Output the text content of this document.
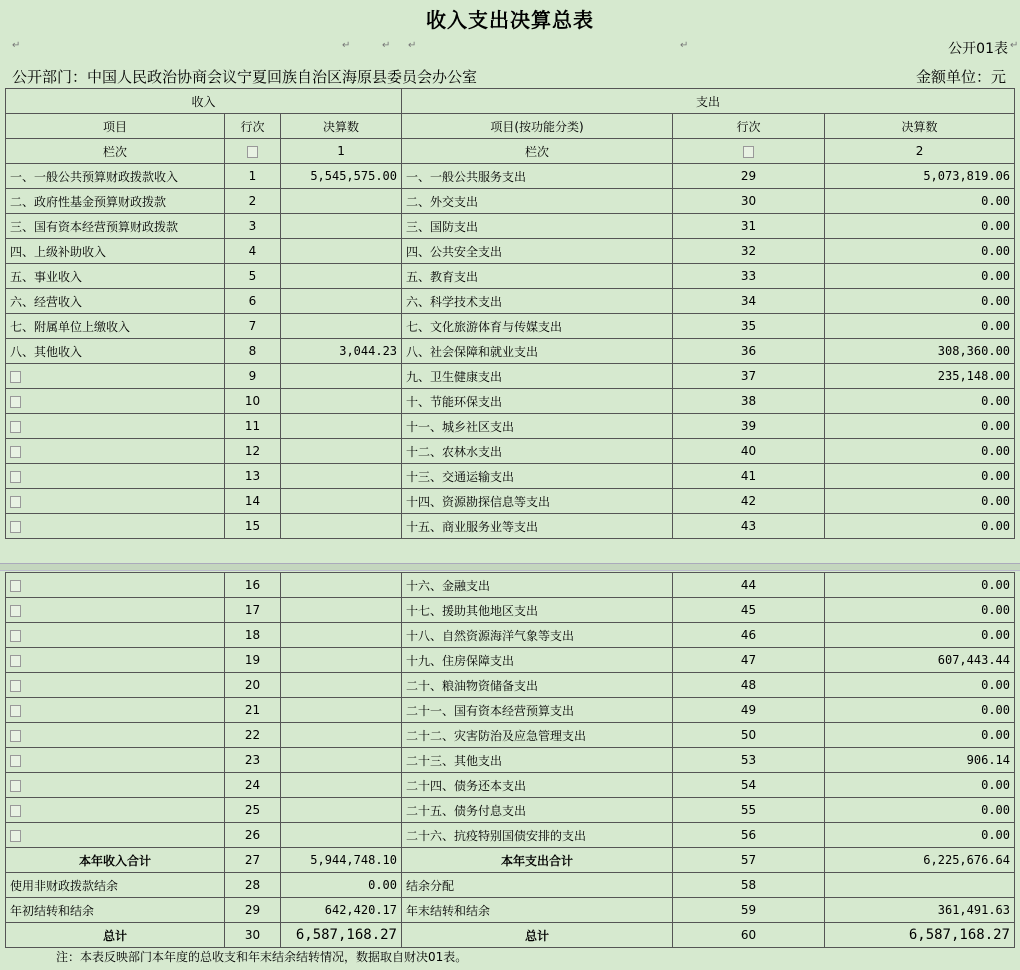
收入支出决算总表
↵	↵	↵ ↵	↵	↵
公开01表
公开部门：中国人民政治协商会议宁夏回族自治区海原县委员会办公室	金额单位：元
收入			支出		
项目	行次	决算数	项目(按功能分类)	行次	决算数
栏次		1	栏次		2
一、一般公共预算财政拨款收入	1	5,545,575.00	一、一般公共服务支出	29	5,073,819.06
二、政府性基金预算财政拨款	2		二、外交支出	30	0.00
三、国有资本经营预算财政拨款	3		三、国防支出	31	0.00
四、上级补助收入	4		四、公共安全支出	32	0.00
五、事业收入	5		五、教育支出	33	0.00
六、经营收入	6		六、科学技术支出	34	0.00
七、附属单位上缴收入	7		七、文化旅游体育与传媒支出	35	0.00
八、其他收入	8	3,044.23	八、社会保障和就业支出	36	308,360.00
	9		九、卫生健康支出	37	235,148.00
	10		十、节能环保支出	38	0.00
	11		十一、城乡社区支出	39	0.00
	12		十二、农林水支出	40	0.00
	13		十三、交通运输支出	41	0.00
	14		十四、资源勘探信息等支出	42	0.00
	15		十五、商业服务业等支出	43	0.00
	16		十六、金融支出	44	0.00
	17		十七、援助其他地区支出	45	0.00
	18		十八、自然资源海洋气象等支出	46	0.00
	19		十九、住房保障支出	47	607,443.44
	20		二十、粮油物资储备支出	48	0.00
	21		二十一、国有资本经营预算支出	49	0.00
	22		二十二、灾害防治及应急管理支出	50	0.00
	23		二十三、其他支出	53	906.14
	24		二十四、债务还本支出	54	0.00
	25		二十五、债务付息支出	55	0.00
	26		二十六、抗疫特别国债安排的支出	56	0.00
本年收入合计	27	5,944,748.10	本年支出合计	57	6,225,676.64
使用非财政拨款结余	28	0.00	结余分配	58	
年初结转和结余	29	642,420.17	年末结转和结余	59	361,491.63
总计	30	6,587,168.27	总计	60	6,587,168.27
注：本表反映部门本年度的总收支和年末结余结转情况，数据取自财决01表。
